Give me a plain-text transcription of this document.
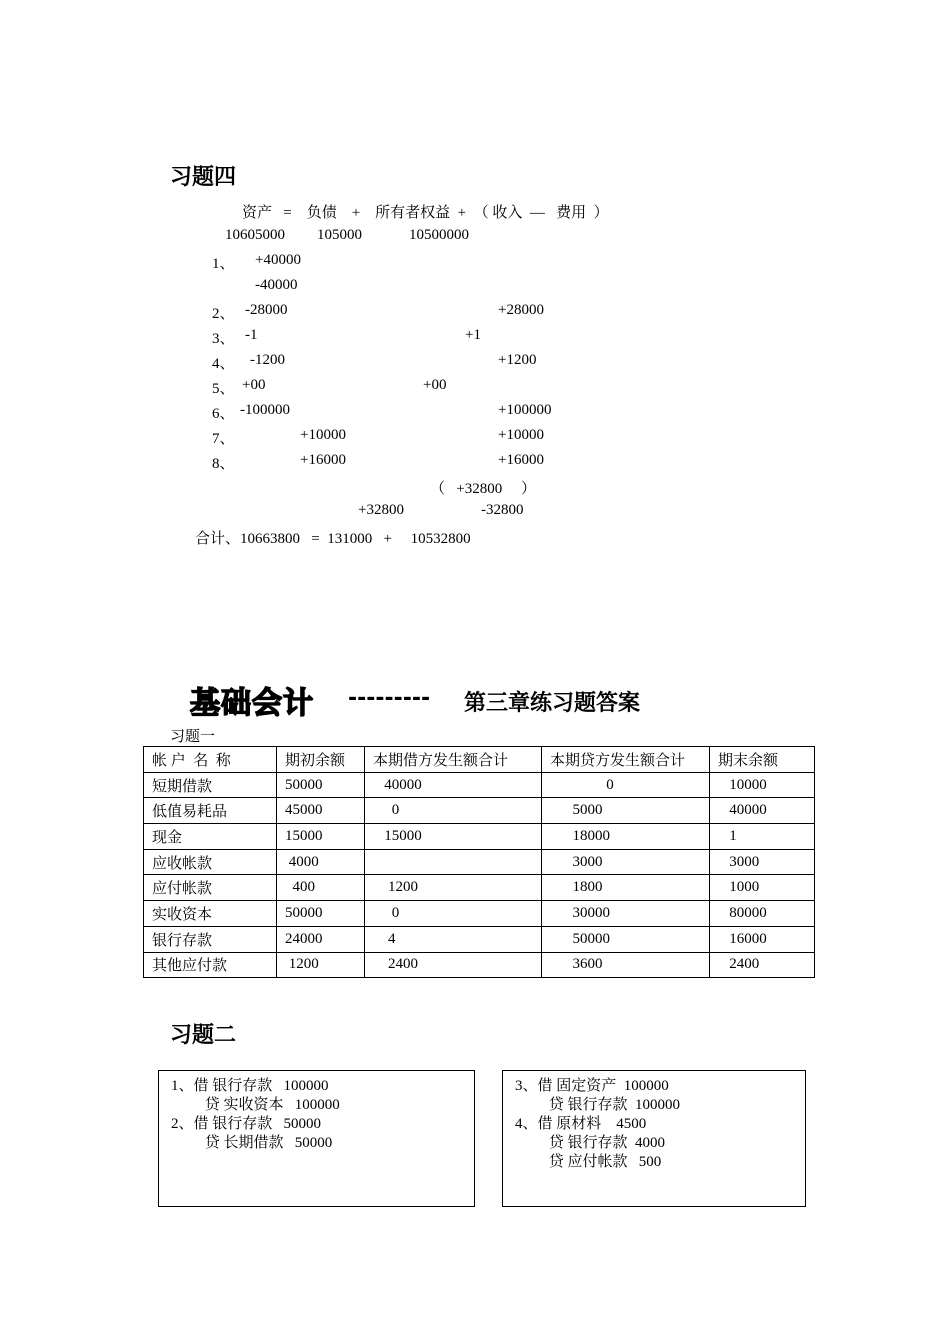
习题四
资产   =    负债    +    所有者权益  +  （ 收入  —   费用  ）
10605000 105000	10500000
1、 +40000
-40000
2、 -28000	+28000
3、 -1	+1
4、 -1200	+1200
5、 +00	+00
6、 -100000	+100000
7、	+10000	+10000
8、	+16000	+16000
（   +32800     ）
+32800	-32800
合计、10663800   =  131000   +     10532800
基础会计 --------- 第三章练习题答案
习题一
帐 户  名  称	期初余额	本期借方发生额合计	本期贷方发生额合计	期末余额
短期借款	50000	40000	0	10000
低值易耗品	45000	0	5000	40000
现金	15000	15000	18000	1
应收帐款	4000		3000	3000
应付帐款	400	1200	1800	1000
实收资本	50000	0	30000	80000
银行存款	24000	4	50000	16000
其他应付款	1200	2400	3600	2400
习题二
1、借 银行存款   100000
贷 实收资本   100000
2、借 银行存款   50000
贷 长期借款   50000
3、借 固定资产  100000
贷 银行存款  100000
4、借 原材料    4500
贷 银行存款  4000
贷 应付帐款   500
